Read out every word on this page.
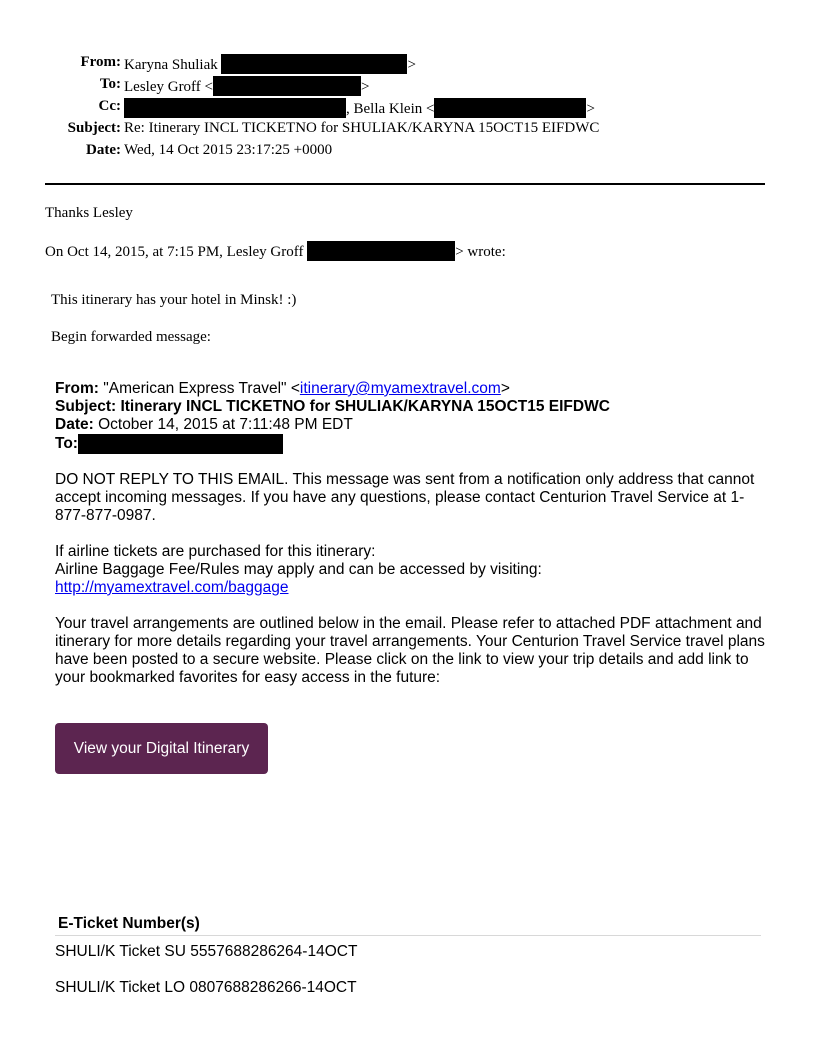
From: Karyna Shuliak	>
To: Lesley Groff <	>
Cc:	, Bella Klein <	>
Subject: Re: Itinerary INCL TICKETNO for SHULIAK/KARYNA 15OCT15 EIFDWC
Date: Wed, 14 Oct 2015 23:17:25 +0000
Thanks Lesley
On Oct 14, 2015, at 7:15 PM, Lesley Groff	> wrote:
This itinerary has your hotel in Minsk! :)
Begin forwarded message:
From: "American Express Travel" <itinerary@myamextravel.com>
Subject: Itinerary INCL TICKETNO for SHULIAK/KARYNA 15OCT15 EIFDWC
Date: October 14, 2015 at 7:11:48 PM EDT
To:

DO NOT REPLY TO THIS EMAIL. This message was sent from a notification only address that cannot accept incoming messages. If you have any questions, please contact Centurion Travel Service at 1-877-877-0987.

If airline tickets are purchased for this itinerary:
Airline Baggage Fee/Rules may apply and can be accessed by visiting:
http://myamextravel.com/baggage

Your travel arrangements are outlined below in the email. Please refer to attached PDF attachment and itinerary for more details regarding your travel arrangements. Your Centurion Travel Service travel plans have been posted to a secure website. Please click on the link to view your trip details and add link to your bookmarked favorites for easy access in the future:

View your Digital Itinerary
E-Ticket Number(s)
SHULI/K Ticket SU 5557688286264-14OCT
SHULI/K Ticket LO 0807688286266-14OCT
